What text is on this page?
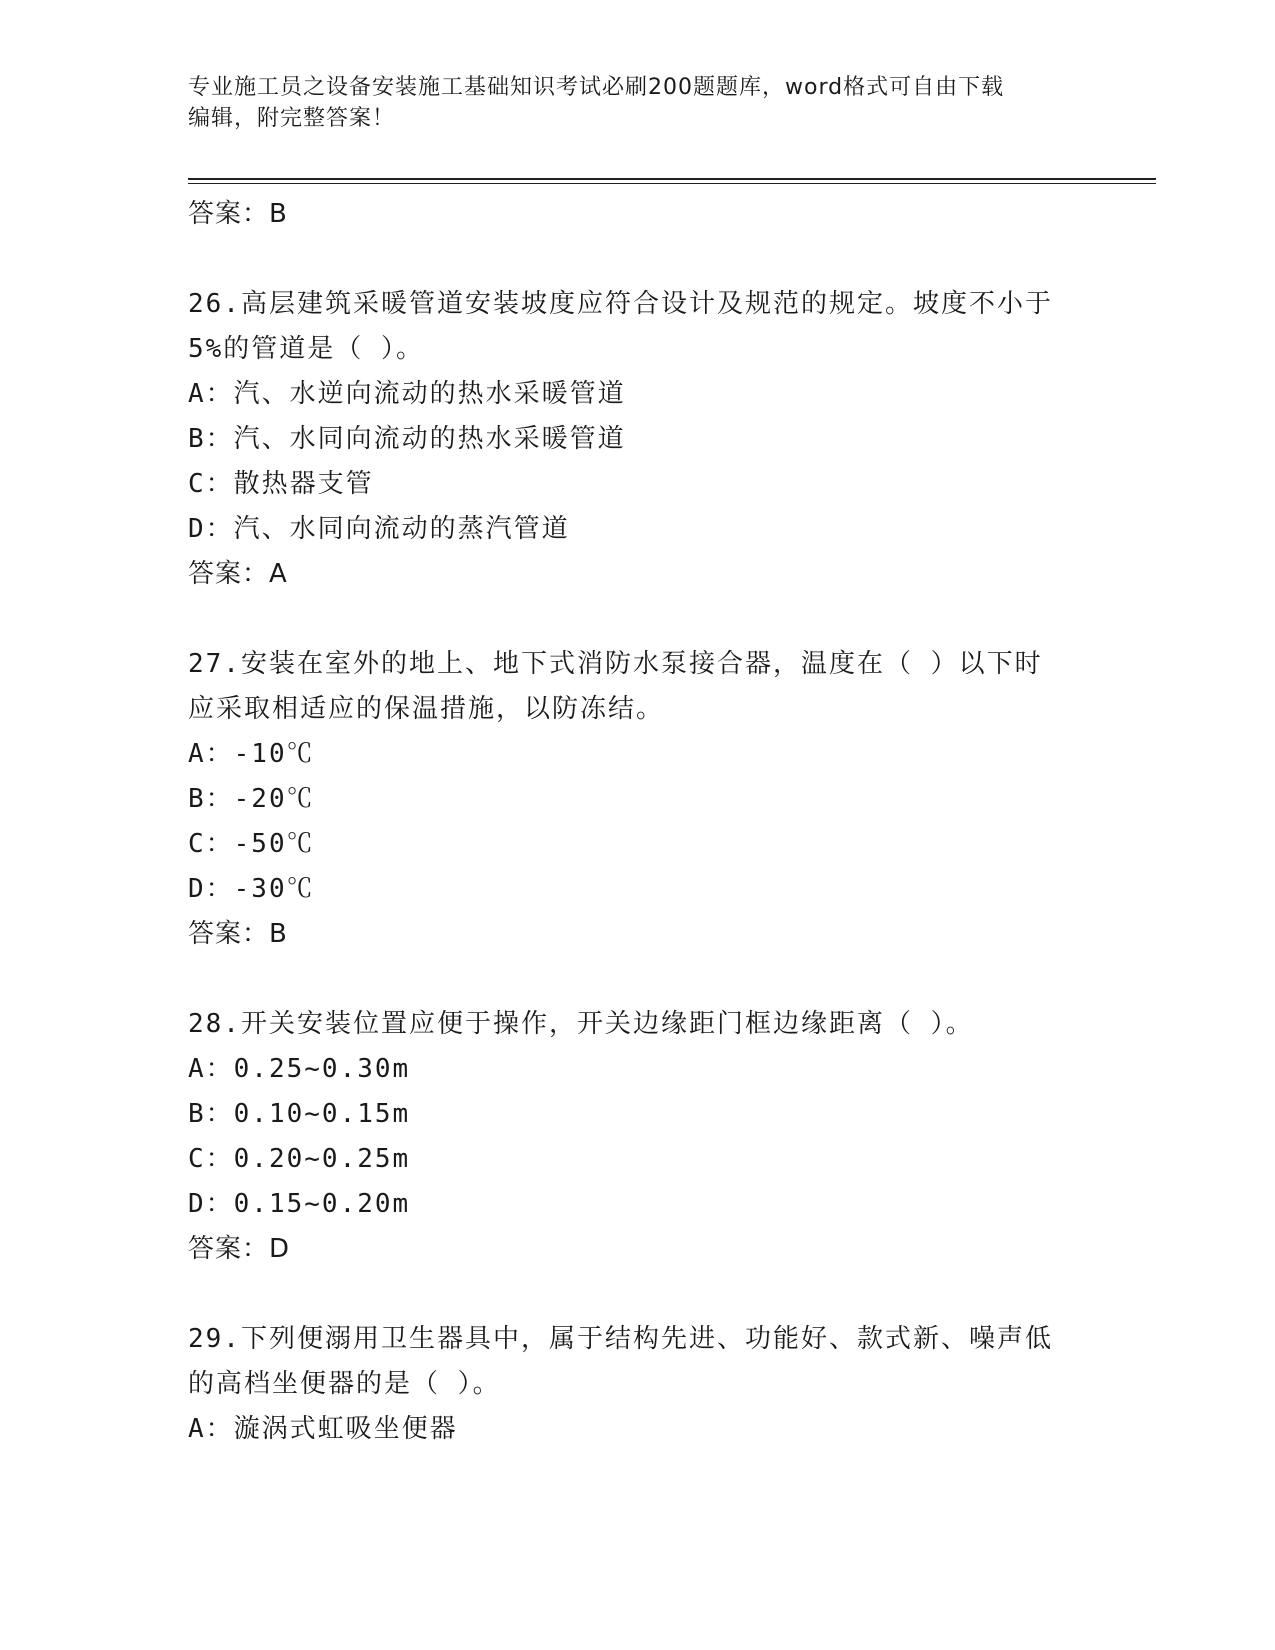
专业施工员之设备安装施工基础知识考试必刷200题题库，word格式可自由下载
编辑，附完整答案！
答案：B
26.高层建筑采暖管道安装坡度应符合设计及规范的规定。坡度不小于
5%的管道是（ ）。
A：汽、水逆向流动的热水采暖管道
B：汽、水同向流动的热水采暖管道
C：散热器支管
D：汽、水同向流动的蒸汽管道
答案：A
27.安装在室外的地上、地下式消防水泵接合器，温度在（ ）以下时
应采取相适应的保温措施，以防冻结。
A：-10℃
B：-20℃
C：-50℃
D：-30℃
答案：B
28.开关安装位置应便于操作，开关边缘距门框边缘距离（ ）。
A：0.25~0.30m
B：0.10~0.15m
C：0.20~0.25m
D：0.15~0.20m
答案：D
29.下列便溺用卫生器具中，属于结构先进、功能好、款式新、噪声低
的高档坐便器的是（ ）。
A：漩涡式虹吸坐便器
